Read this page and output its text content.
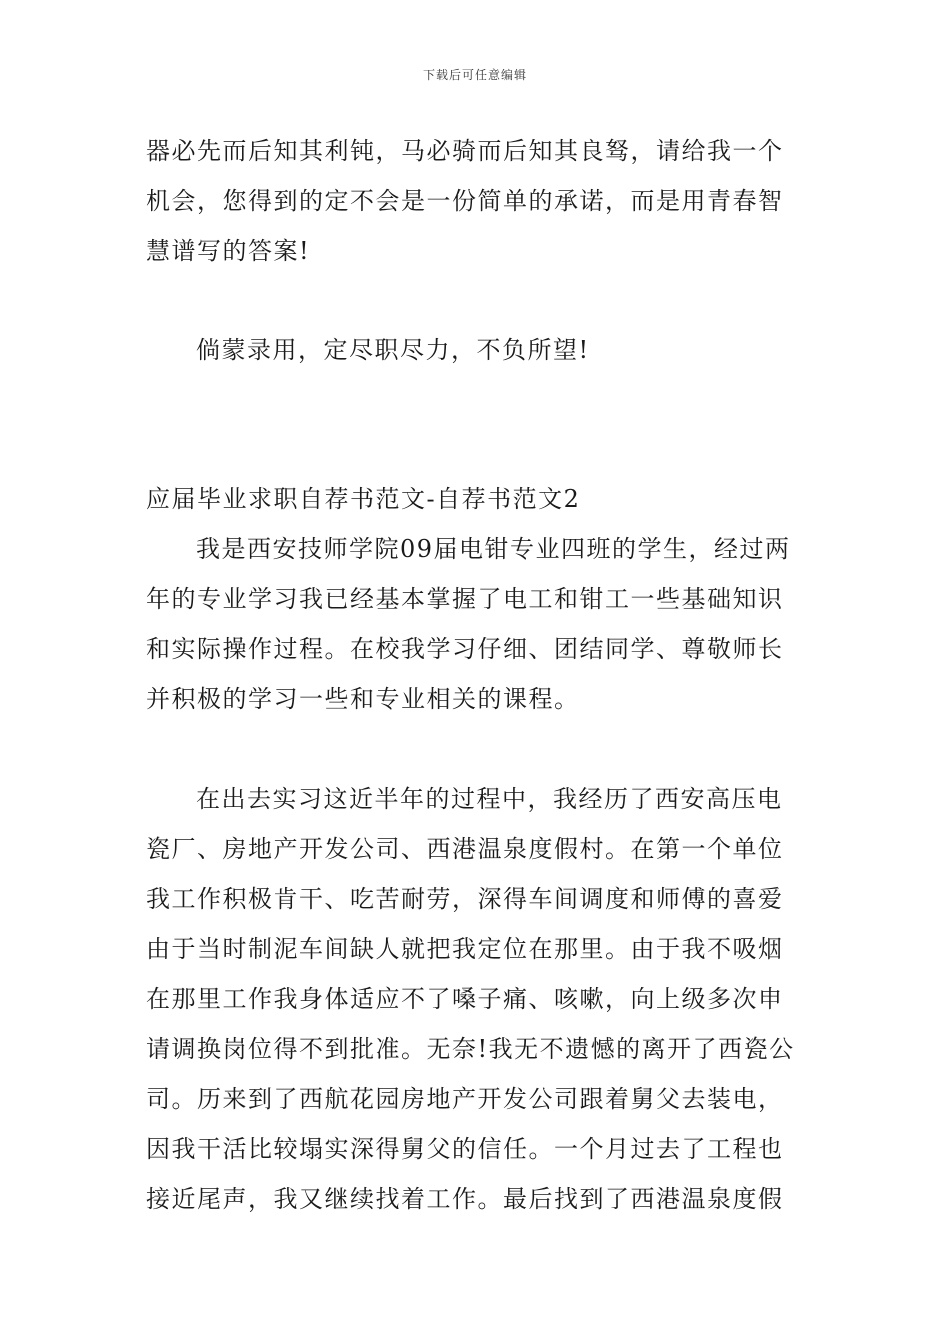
下载后可任意编辑
器必先而后知其利钝，马必骑而后知其良驽，请给我一个
机会，您得到的定不会是一份简单的承诺，而是用青春智
慧谱写的答案!
倘蒙录用，定尽职尽力，不负所望!
应届毕业求职自荐书范文-自荐书范文2
我是西安技师学院09届电钳专业四班的学生，经过两
年的专业学习我已经基本掌握了电工和钳工一些基础知识
和实际操作过程。在校我学习仔细、团结同学、尊敬师长
并积极的学习一些和专业相关的课程。
在出去实习这近半年的过程中，我经历了西安高压电
瓷厂、房地产开发公司、西港温泉度假村。在第一个单位
我工作积极肯干、吃苦耐劳，深得车间调度和师傅的喜爱
由于当时制泥车间缺人就把我定位在那里。由于我不吸烟
在那里工作我身体适应不了嗓子痛、咳嗽，向上级多次申
请调换岗位得不到批准。无奈!我无不遗憾的离开了西瓷公
司。历来到了西航花园房地产开发公司跟着舅父去装电，
因我干活比较塌实深得舅父的信任。一个月过去了工程也
接近尾声，我又继续找着工作。最后找到了西港温泉度假
